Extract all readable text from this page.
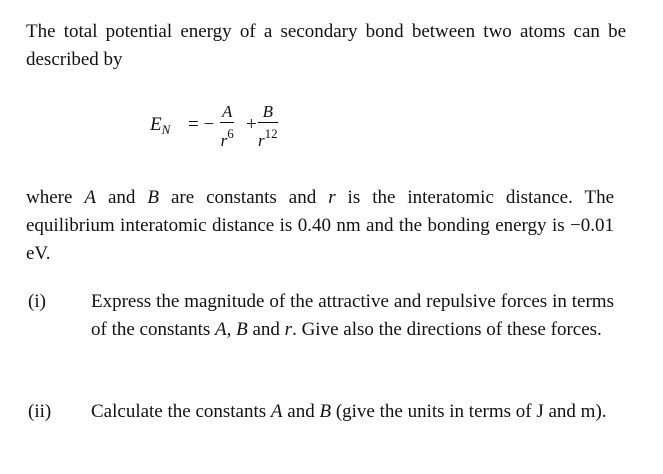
The total potential energy of a secondary bond between two atoms can be described by
$E_N$ = − $\frac{A}{r^6} + \frac{B}{r^{12}}$
where A and B are constants and r is the interatomic distance. The equilibrium interatomic distance is 0.40 nm and the bonding energy is −0.01 eV.
(i) Express the magnitude of the attractive and repulsive forces in terms of the constants A, B and r. Give also the directions of these forces.
(ii) Calculate the constants A and B (give the units in terms of J and m).
